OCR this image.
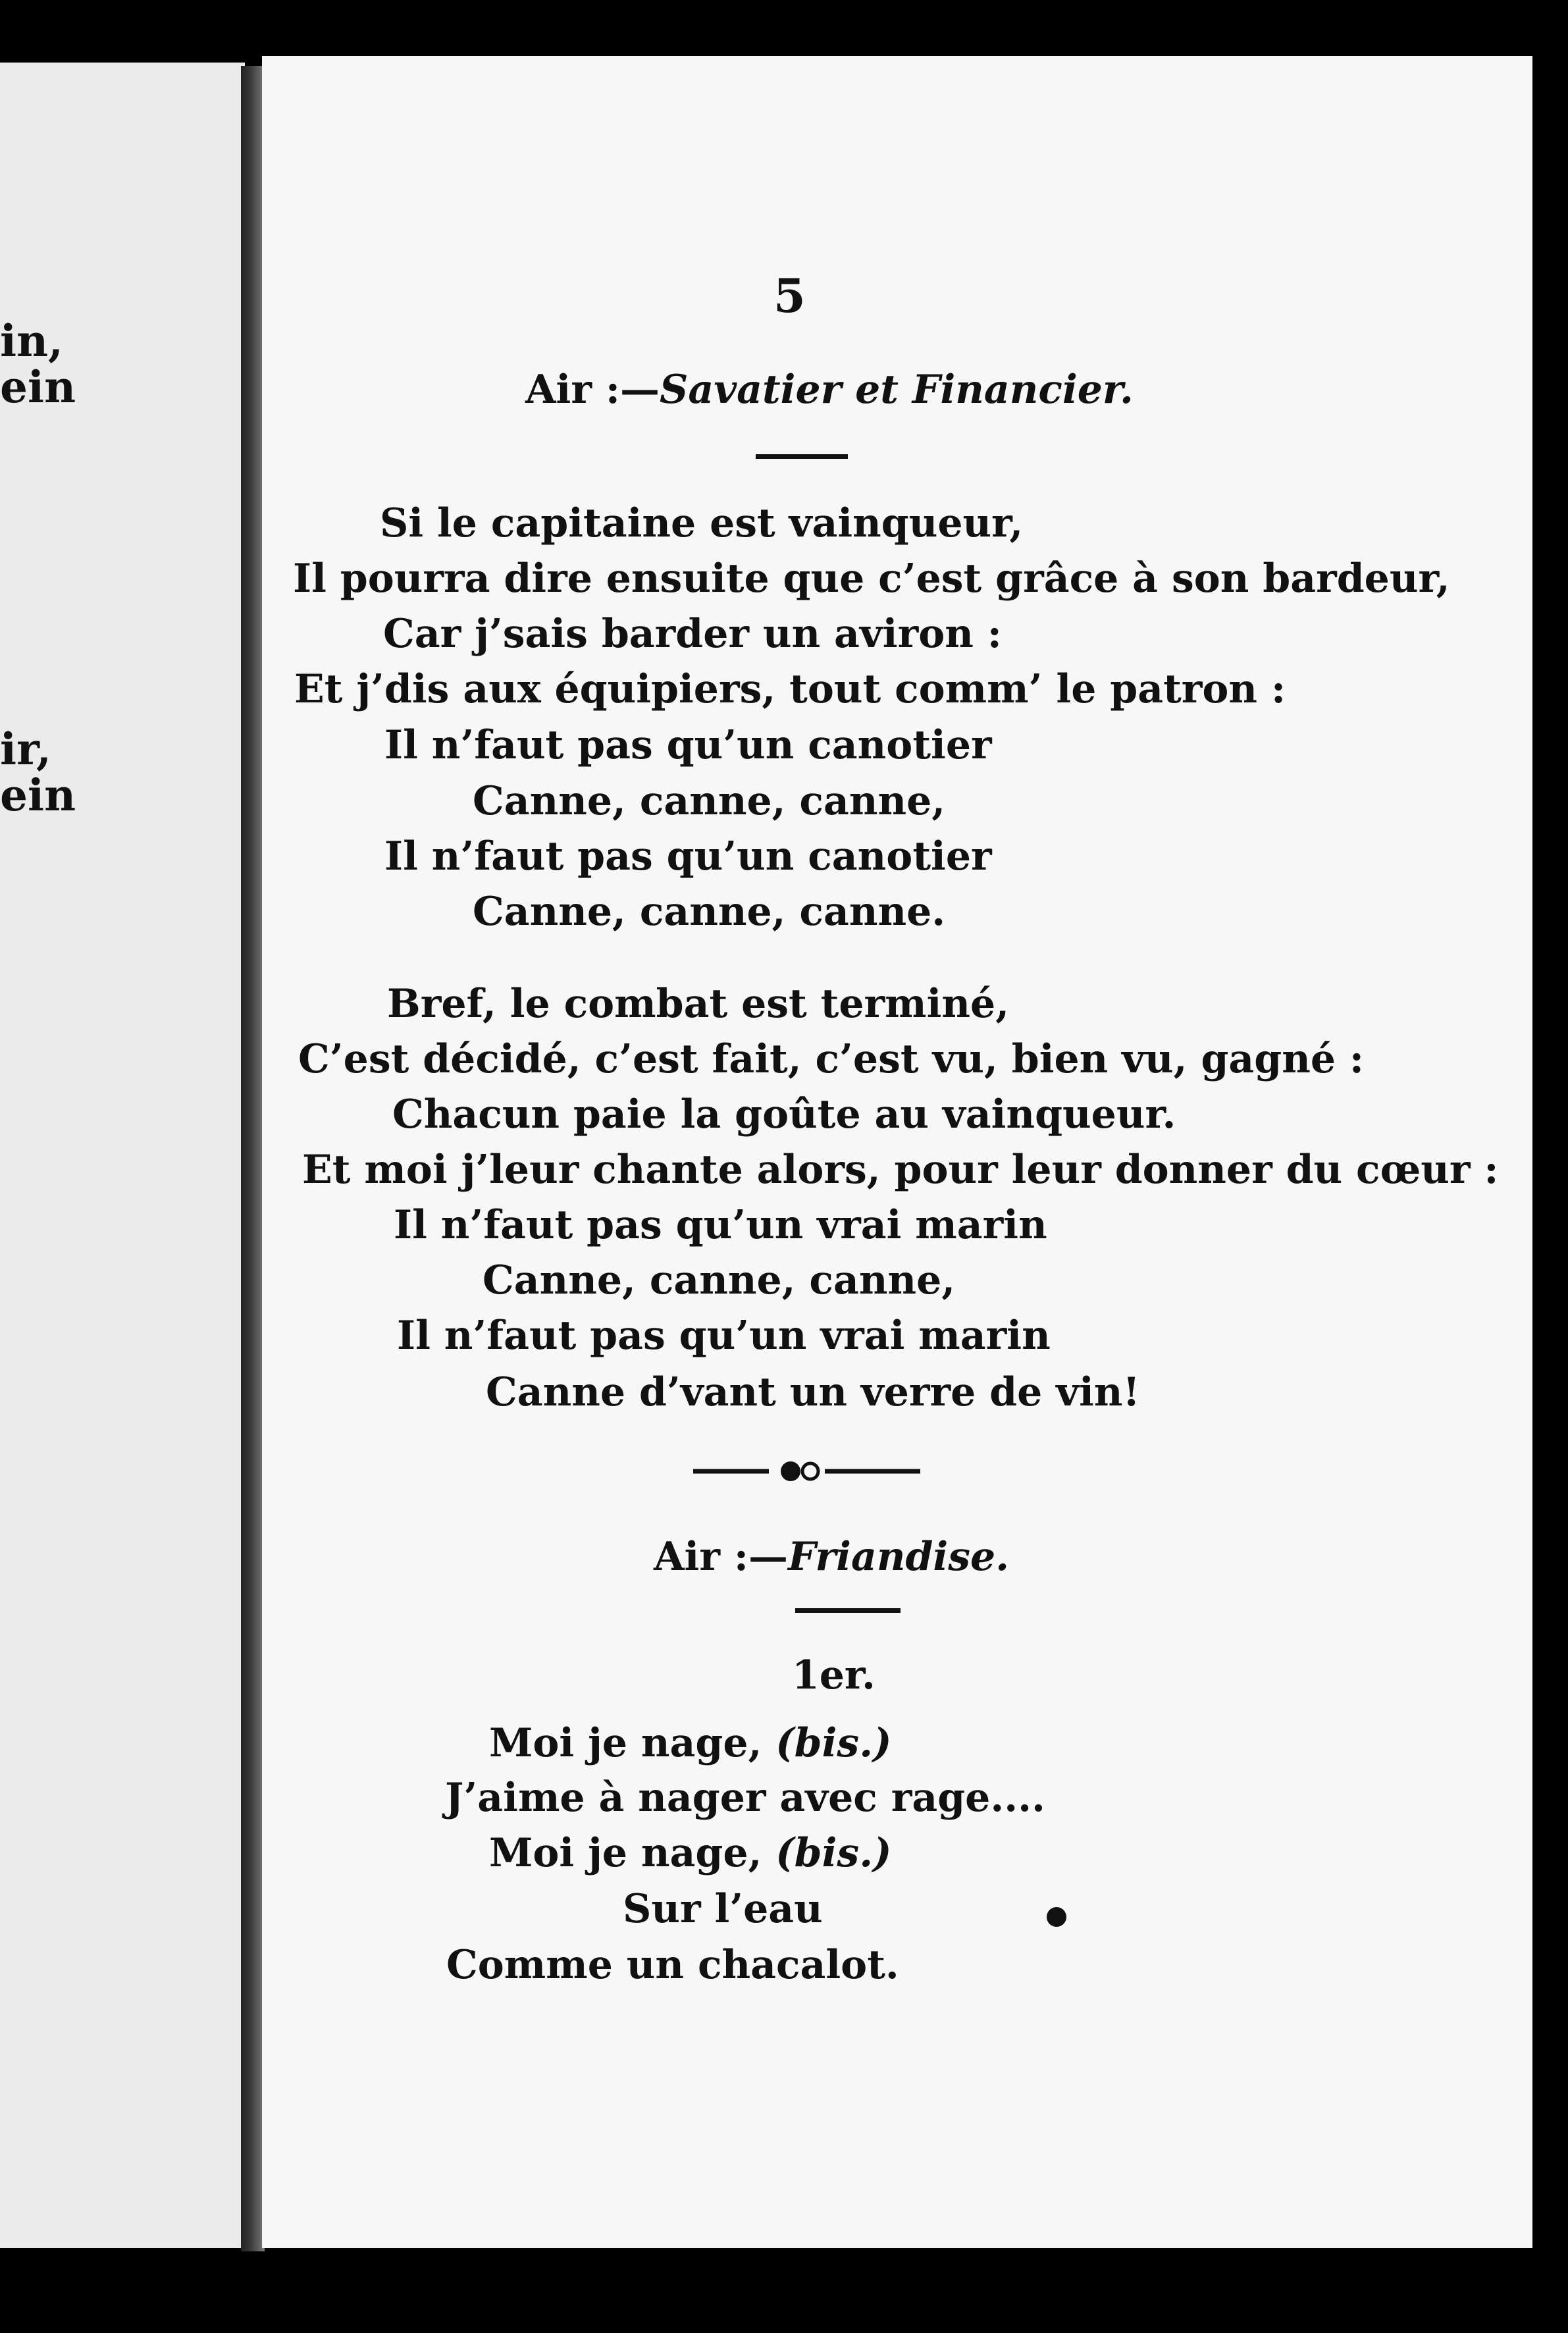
in,
ein
ir,
ein
5
Air :—Savatier et Financier.
Si le capitaine est vainqueur,
Il pourra dire ensuite que c’est grâce à son bardeur,
Car j’sais barder un aviron :
Et j’dis aux équipiers, tout comm’ le patron :
Il n’faut pas qu’un canotier
Canne, canne, canne,
Il n’faut pas qu’un canotier
Canne, canne, canne.
Bref, le combat est terminé,
C’est décidé, c’est fait, c’est vu, bien vu, gagné :
Chacun paie la goûte au vainqueur.
Et moi j’leur chante alors, pour leur donner du cœur :
Il n’faut pas qu’un vrai marin
Canne, canne, canne,
Il n’faut pas qu’un vrai marin
Canne d’vant un verre de vin!
Air :—Friandise.
1er.
Moi je nage, (bis.)
J’aime à nager avec rage....
Moi je nage, (bis.)
Sur l’eau
Comme un chacalot.
